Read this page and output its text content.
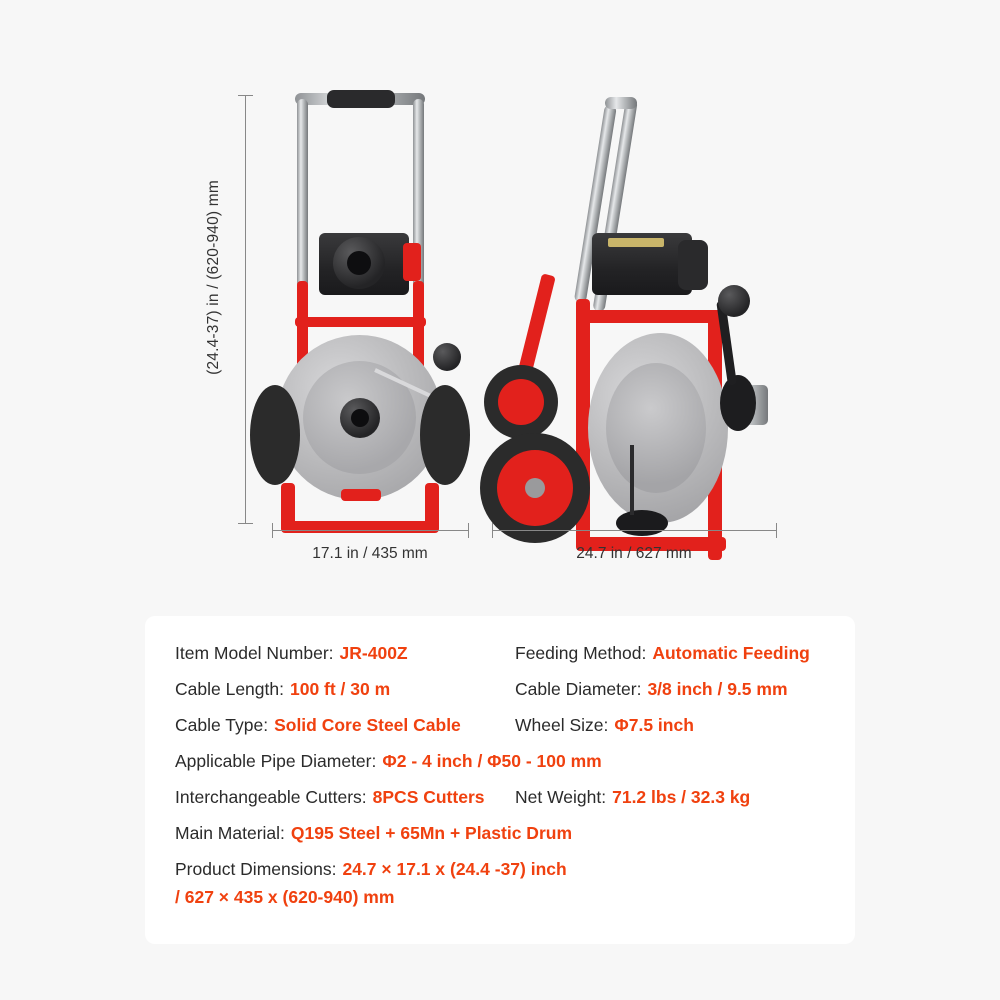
(24.4-37) in / (620-940) mm
17.1 in / 435 mm	24.7 in / 627 mm
Item Model Number: JR-400Z	Feeding Method: Automatic Feeding
Cable Length: 100 ft / 30 m	Cable Diameter: 3/8 inch / 9.5 mm
Cable Type: Solid Core Steel Cable	Wheel Size: Φ7.5 inch
Applicable Pipe Diameter: Φ2 - 4 inch / Φ50 - 100 mm
Interchangeable Cutters: 8PCS Cutters Net Weight: 71.2 lbs / 32.3 kg
Main Material: Q195 Steel + 65Mn + Plastic Drum
Product Dimensions: 24.7 × 17.1 x (24.4 -37) inch
/ 627 × 435 x (620-940) mm
